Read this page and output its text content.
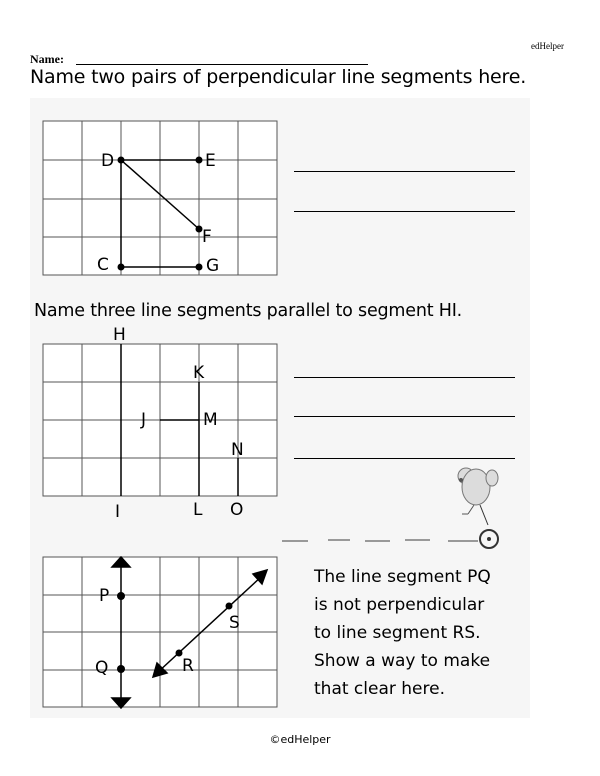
edHelper
Name:
Name two pairs of perpendicular line segments here.
D	E
F
C	G
H
K
J	M
N
I	L O
P
S
Q	R
Name three line segments parallel to segment HI.
The line segment PQ
is not perpendicular
to line segment RS.
Show a way to make
that clear here.
©edHelper
